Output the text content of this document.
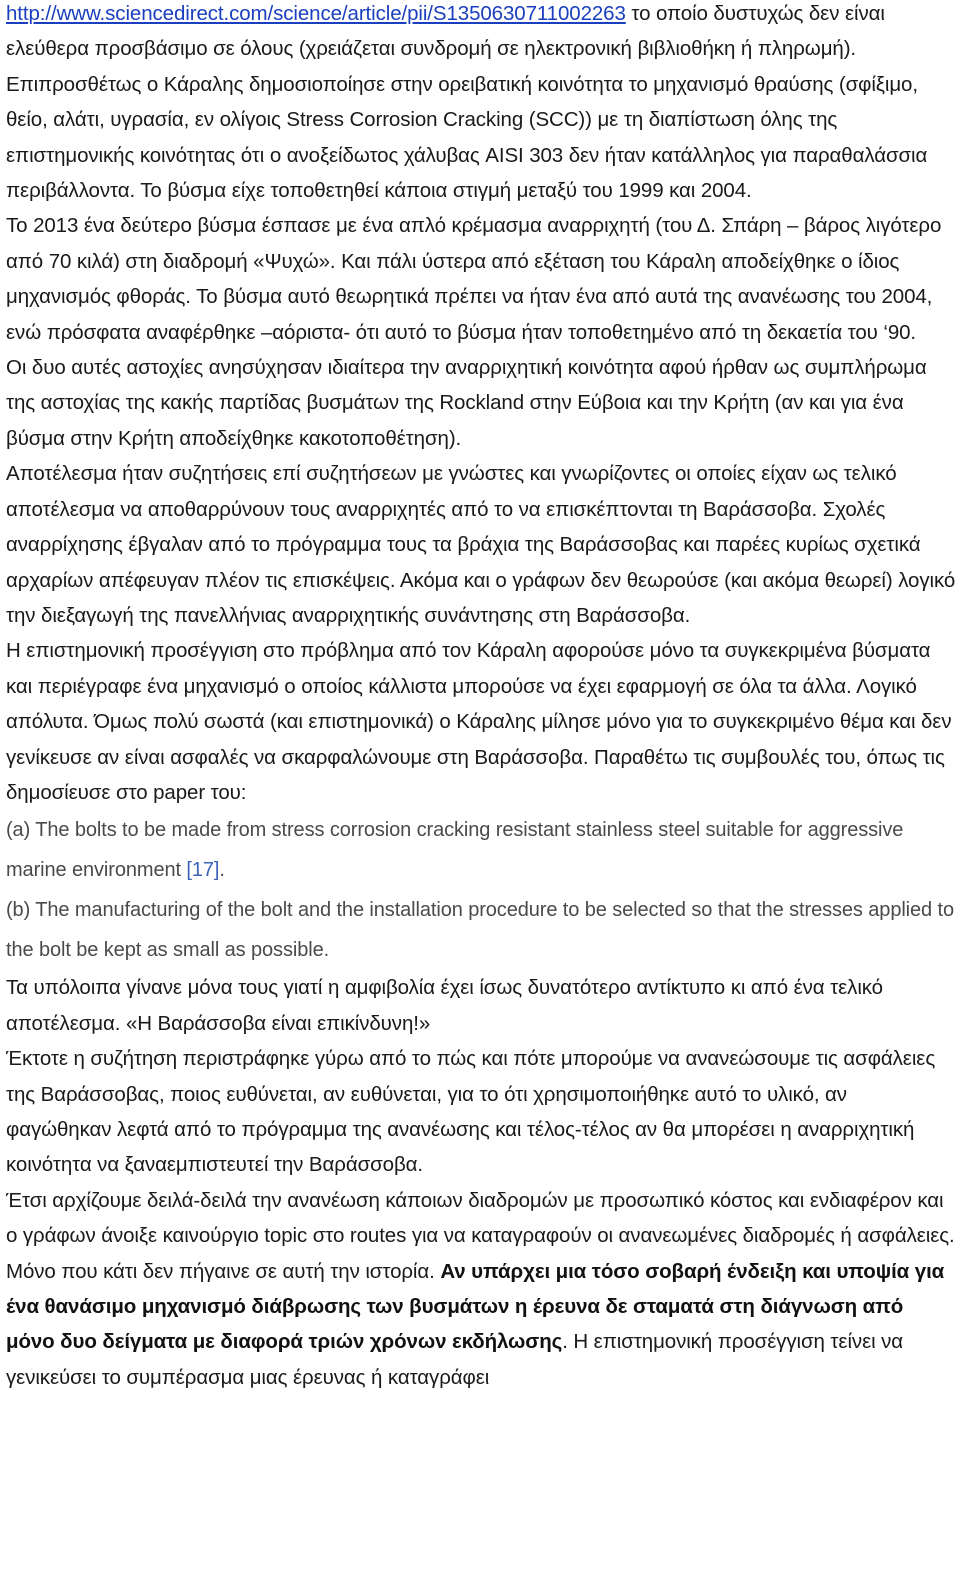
http://www.sciencedirect.com/science/article/pii/S1350630711002263 το οποίο δυστυχώς δεν είναι ελεύθερα προσβάσιμο σε όλους (χρειάζεται συνδρομή σε ηλεκτρονική βιβλιοθήκη ή πληρωμή). Επιπροσθέτως ο Κάραλης δημοσιοποίησε στην ορειβατική κοινότητα το μηχανισμό θραύσης (σφίξιμο, θείο, αλάτι, υγρασία, εν ολίγοις Stress Corrosion Cracking (SCC)) με τη διαπίστωση όλης της επιστημονικής κοινότητας ότι ο ανοξείδωτος χάλυβας AISI 303 δεν ήταν κατάλληλος για παραθαλάσσια περιβάλλοντα. Το βύσμα είχε τοποθετηθεί κάποια στιγμή μεταξύ του 1999 και 2004.

Το 2013 ένα δεύτερο βύσμα έσπασε με ένα απλό κρέμασμα αναρριχητή (του Δ. Σπάρη – βάρος λιγότερο από 70 κιλά) στη διαδρομή «Ψυχώ». Και πάλι ύστερα από εξέταση του Κάραλη αποδείχθηκε ο ίδιος μηχανισμός φθοράς. Το βύσμα αυτό θεωρητικά πρέπει να ήταν ένα από αυτά της ανανέωσης του 2004, ενώ πρόσφατα αναφέρθηκε –αόριστα- ότι αυτό το βύσμα ήταν τοποθετημένο από τη δεκαετία του ‘90.

Οι δυο αυτές αστοχίες ανησύχησαν ιδιαίτερα την αναρριχητική κοινότητα αφού ήρθαν ως συμπλήρωμα της αστοχίας της κακής παρτίδας βυσμάτων της Rockland στην Εύβοια και την Κρήτη (αν και για ένα βύσμα στην Κρήτη αποδείχθηκε κακοτοποθέτηση).

Αποτέλεσμα ήταν συζητήσεις επί συζητήσεων με γνώστες και γνωρίζοντες οι οποίες είχαν ως τελικό αποτέλεσμα να αποθαρρύνουν τους αναρριχητές από το να επισκέπτονται τη Βαράσσοβα. Σχολές αναρρίχησης έβγαλαν από το πρόγραμμα τους τα βράχια της Βαράσσοβας και παρέες κυρίως σχετικά αρχαρίων απέφευγαν πλέον τις επισκέψεις. Ακόμα και ο γράφων δεν θεωρούσε (και ακόμα θεωρεί) λογικό την διεξαγωγή της πανελλήνιας αναρριχητικής συνάντησης στη Βαράσσοβα.

Η επιστημονική προσέγγιση στο πρόβλημα από τον Κάραλη αφορούσε μόνο τα συγκεκριμένα βύσματα και περιέγραφε ένα μηχανισμό ο οποίος κάλλιστα μπορούσε να έχει εφαρμογή σε όλα τα άλλα. Λογικό απόλυτα. Όμως πολύ σωστά (και επιστημονικά) ο Κάραλης μίλησε μόνο για το συγκεκριμένο θέμα και δεν γενίκευσε αν είναι ασφαλές να σκαρφαλώνουμε στη Βαράσσοβα. Παραθέτω τις συμβουλές του, όπως τις δημοσίευσε στο paper του:

(a) The bolts to be made from stress corrosion cracking resistant stainless steel suitable for aggressive marine environment [17].

(b) The manufacturing of the bolt and the installation procedure to be selected so that the stresses applied to the bolt be kept as small as possible.

Τα υπόλοιπα γίνανε μόνα τους γιατί η αμφιβολία έχει ίσως δυνατότερο αντίκτυπο κι από ένα τελικό αποτέλεσμα. «Η Βαράσσοβα είναι επικίνδυνη!»

Έκτοτε η συζήτηση περιστράφηκε γύρω από το πώς και πότε μπορούμε να ανανεώσουμε τις ασφάλειες της Βαράσσοβας, ποιος ευθύνεται, αν ευθύνεται, για το ότι χρησιμοποιήθηκε αυτό το υλικό, αν φαγώθηκαν λεφτά από το πρόγραμμα της ανανέωσης και τέλος-τέλος αν θα μπορέσει η αναρριχητική κοινότητα να ξαναεμπιστευτεί την Βαράσσοβα.

Έτσι αρχίζουμε δειλά-δειλά την ανανέωση κάποιων διαδρομών με προσωπικό κόστος και ενδιαφέρον και ο γράφων άνοιξε καινούργιο topic στο routes για να καταγραφούν οι ανανεωμένες διαδρομές ή ασφάλειες.

Μόνο που κάτι δεν πήγαινε σε αυτή την ιστορία. Αν υπάρχει μια τόσο σοβαρή ένδειξη και υποψία για ένα θανάσιμο μηχανισμό διάβρωσης των βυσμάτων η έρευνα δε σταματά στη διάγνωση από μόνο δυο δείγματα με διαφορά τριών χρόνων εκδήλωσης. Η επιστημονική προσέγγιση τείνει να γενικεύσει το συμπέρασμα μιας έρευνας ή καταγράφει
